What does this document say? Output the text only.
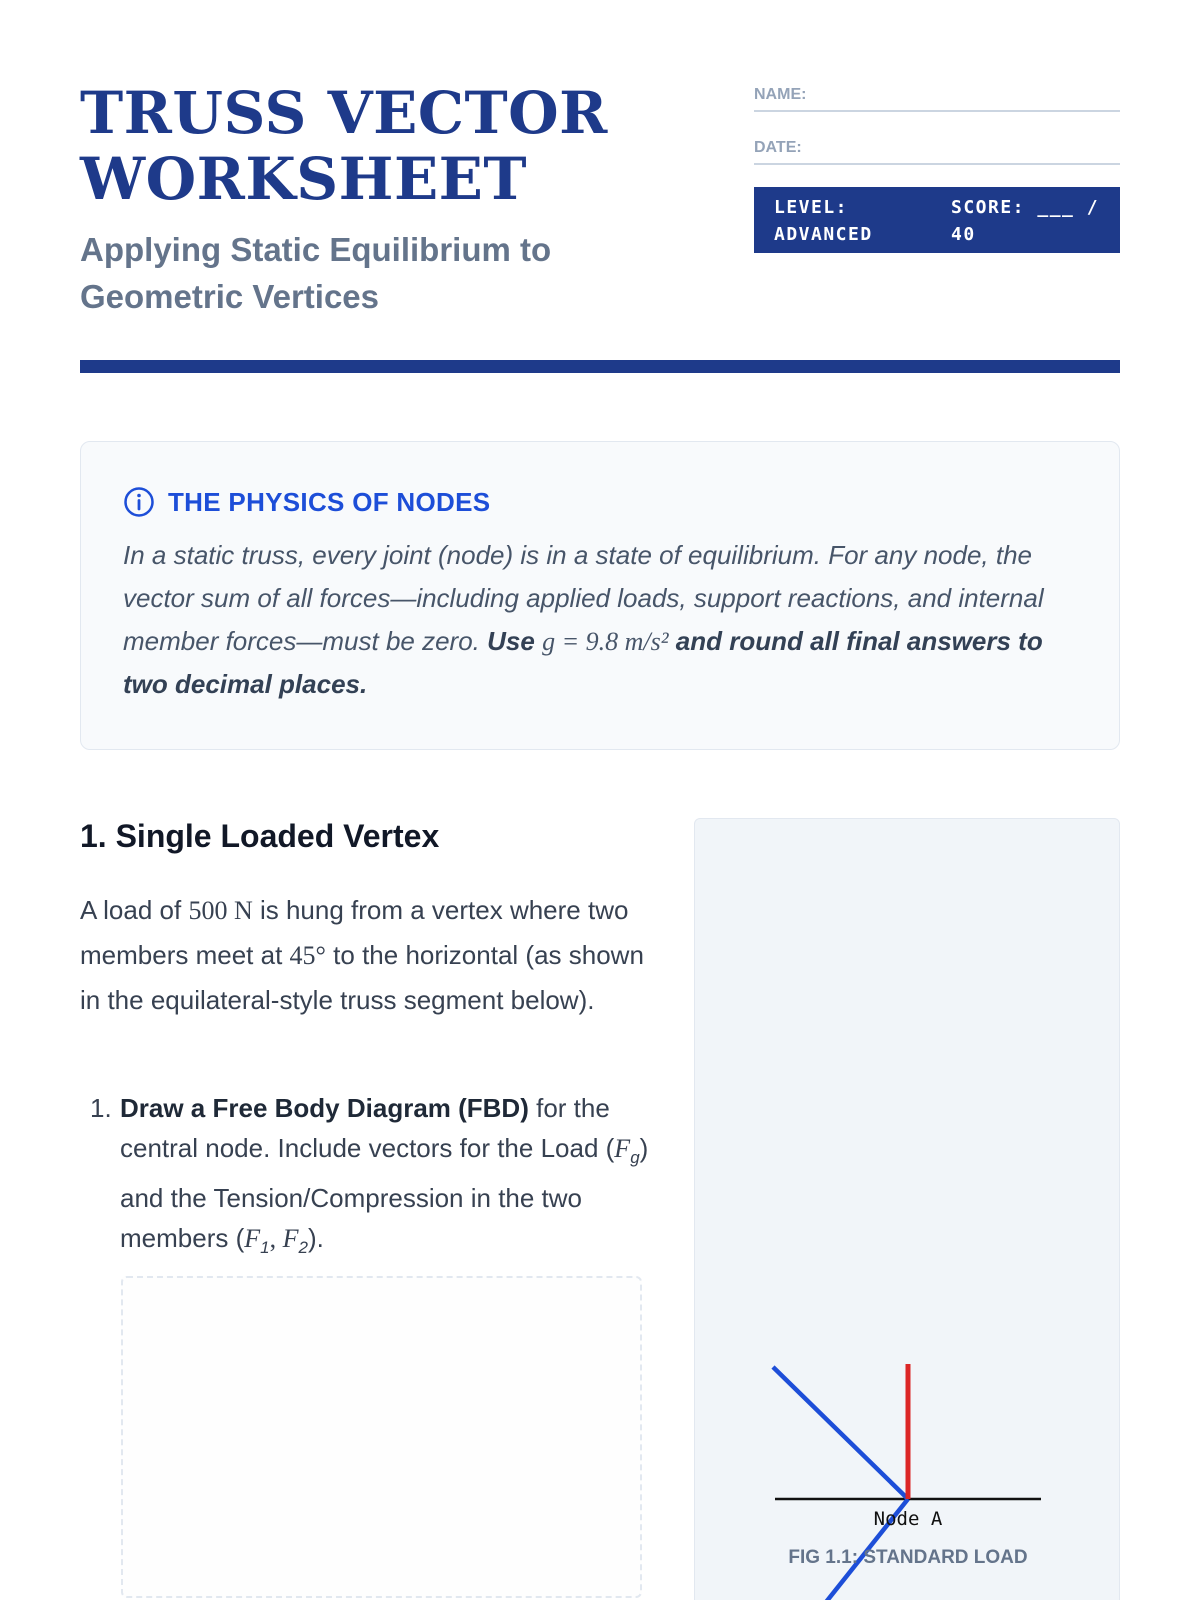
TRUSS VECTOR
WORKSHEET
Applying Static Equilibrium to Geometric Vertices
NAME:
DATE:
LEVEL: ADVANCED
SCORE: ___ / 40
THE PHYSICS OF NODES
In a static truss, every joint (node) is in a state of equilibrium. For any node, the vector sum of all forces—including applied loads, support reactions, and internal member forces—must be zero. Use g = 9.8 m/s² and round all final answers to two decimal places.
1. Single Loaded Vertex
A load of 500 N is hung from a vertex where two members meet at 45° to the horizontal (as shown in the equilateral-style truss segment below).
1. Draw a Free Body Diagram (FBD) for the central node. Include vectors for the Load $(F_g)$ and the Tension/Compression in the two members ($F_1$, $F_2$).
Node A
FIG 1.1: STANDARD LOAD
